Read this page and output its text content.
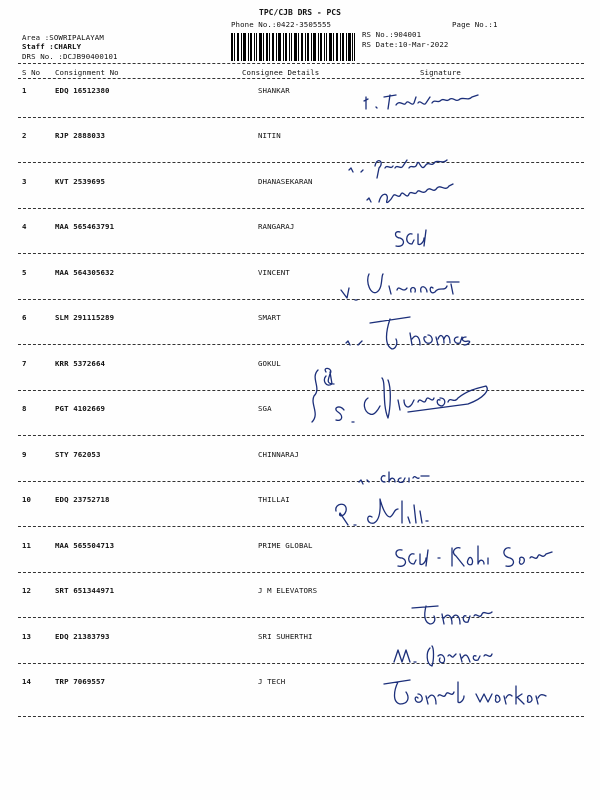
TPC/CJB DRS - PCS
Phone No.:0422-3505555	Page No.:1
Area :SOWRIPALAYAM
Staff :CHARLY
DRS No. :DCJB90400101
RS No.:904001
RS Date:10-Mar-2022
S No Consignment No	Consignee Details	Signature
1	EDQ 16512380	SHANKAR
2	RJP 2888033	NITIN
3	KVT 2539695	DHANASEKARAN
4	MAA 565463791	RANGARAJ
5	MAA 564305632	VINCENT
6	SLM 291115289	SMART
7	KRR 5372664	GOKUL
8	PGT 4102669	SGA
9	STY 762053	CHINNARAJ
10	EDQ 23752718	THILLAI
11	MAA 565504713	PRIME GLOBAL
12	SRT 651344971	J M ELEVATORS
13	EDQ 21383793	SRI SUHERTHI
14	TRP 7069557	J TECH
